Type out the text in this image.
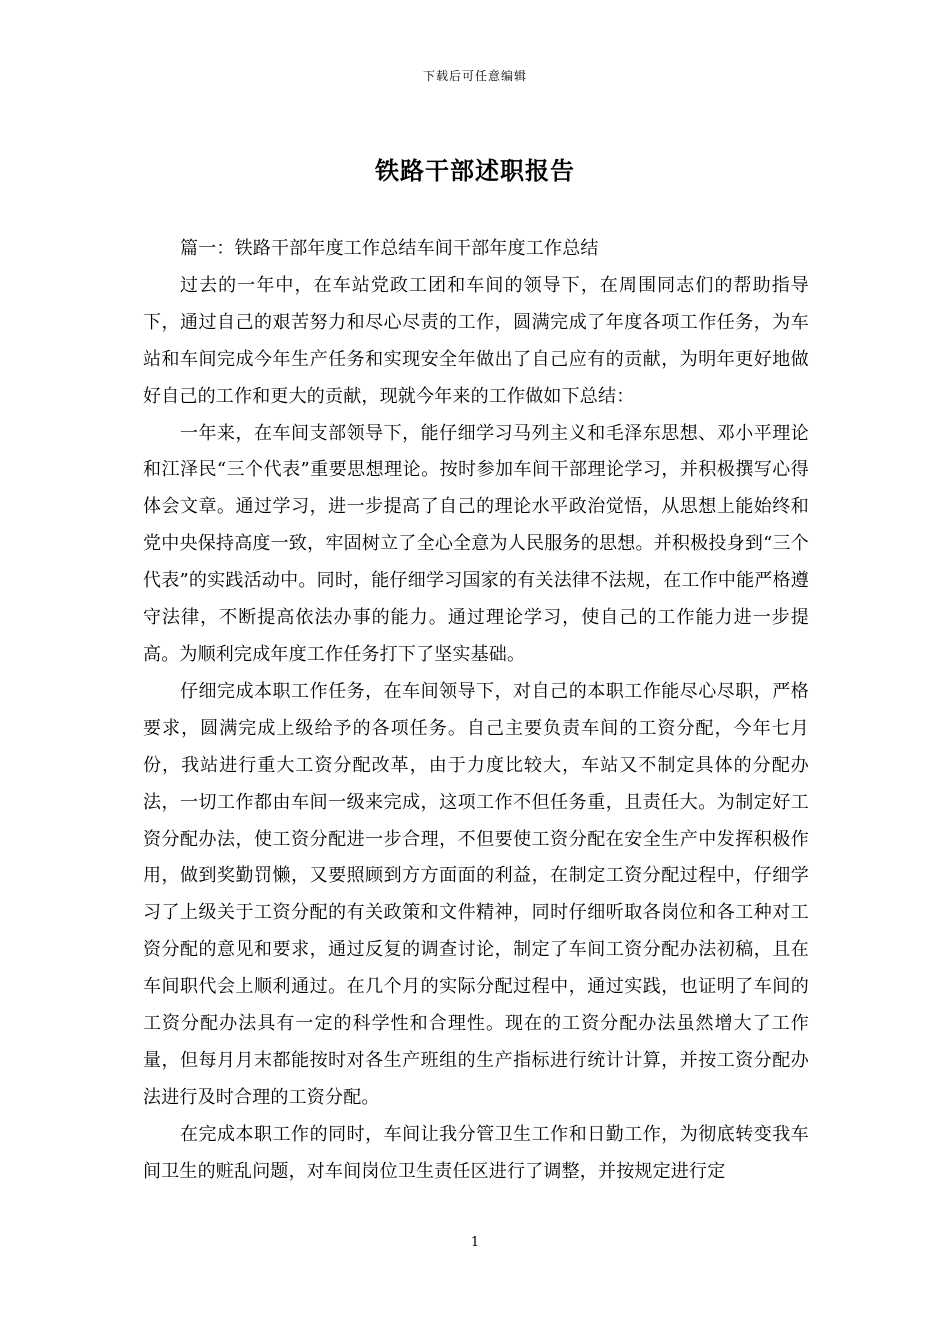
下载后可任意编辑
铁路干部述职报告

篇一：铁路干部年度工作总结车间干部年度工作总结

过去的一年中，在车站党政工团和车间的领导下，在周围同志们的帮助指导下，通过自己的艰苦努力和尽心尽责的工作，圆满完成了年度各项工作任务，为车站和车间完成今年生产任务和实现安全年做出了自己应有的贡献，为明年更好地做好自己的工作和更大的贡献，现就今年来的工作做如下总结：

一年来，在车间支部领导下，能仔细学习马列主义和毛泽东思想、邓小平理论和江泽民“三个代表”重要思想理论。按时参加车间干部理论学习，并积极撰写心得体会文章。通过学习，进一步提高了自己的理论水平政治觉悟，从思想上能始终和党中央保持高度一致，牢固树立了全心全意为人民服务的思想。并积极投身到“三个代表”的实践活动中。同时，能仔细学习国家的有关法律不法规，在工作中能严格遵守法律，不断提高依法办事的能力。通过理论学习，使自己的工作能力进一步提高。为顺利完成年度工作任务打下了坚实基础。

仔细完成本职工作任务，在车间领导下，对自己的本职工作能尽心尽职，严格要求，圆满完成上级给予的各项任务。自己主要负责车间的工资分配，今年七月份，我站进行重大工资分配改革，由于力度比较大，车站又不制定具体的分配办法，一切工作都由车间一级来完成，这项工作不但任务重，且责任大。为制定好工资分配办法，使工资分配进一步合理，不但要使工资分配在安全生产中发挥积极作用，做到奖勤罚懒，又要照顾到方方面面的利益，在制定工资分配过程中，仔细学习了上级关于工资分配的有关政策和文件精神，同时仔细听取各岗位和各工种对工资分配的意见和要求，通过反复的调查讨论，制定了车间工资分配办法初稿，且在车间职代会上顺利通过。在几个月的实际分配过程中，通过实践，也证明了车间的工资分配办法具有一定的科学性和合理性。现在的工资分配办法虽然增大了工作量，但每月月末都能按时对各生产班组的生产指标进行统计计算，并按工资分配办法进行及时合理的工资分配。

在完成本职工作的同时，车间让我分管卫生工作和日勤工作，为彻底转变我车间卫生的赃乱问题，对车间岗位卫生责任区进行了调整，并按规定进行定

1
